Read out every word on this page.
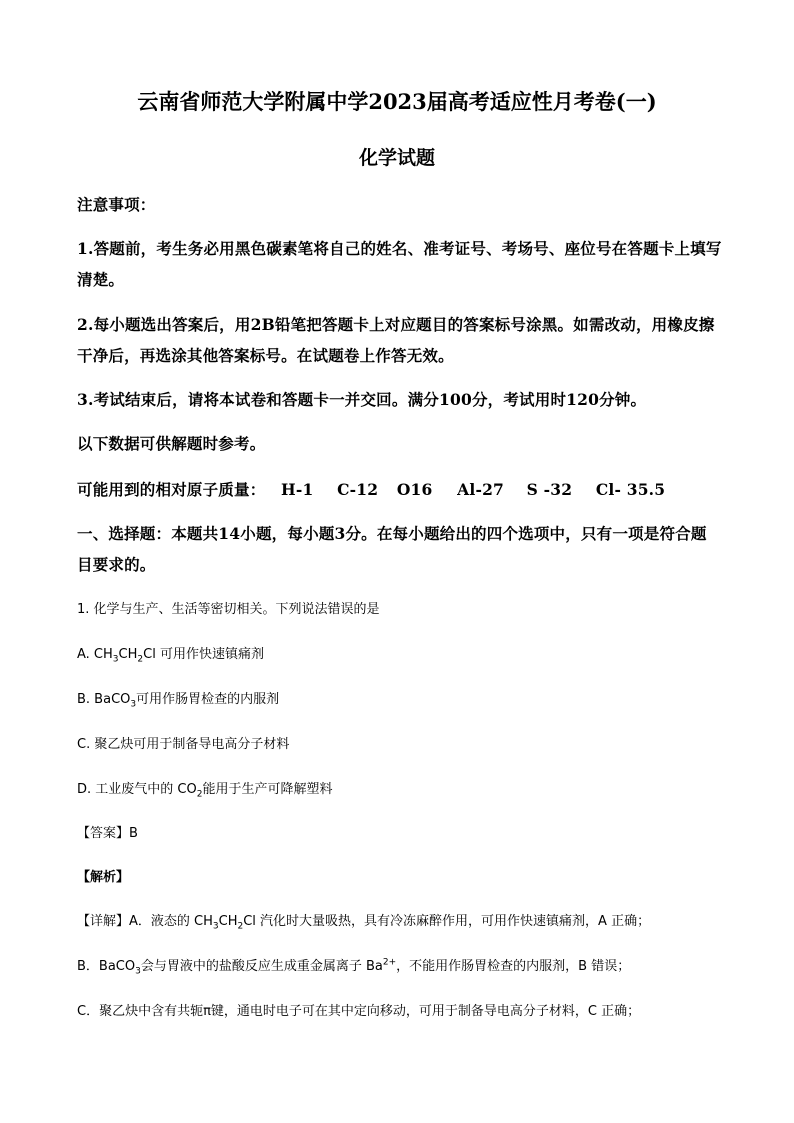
云南省师范大学附属中学2023届高考适应性月考卷(一)
化学试题
注意事项：
1.答题前，考生务必用黑色碳素笔将自己的姓名、准考证号、考场号、座位号在答题卡上填写
清楚。
2.每小题选出答案后，用2B铅笔把答题卡上对应题目的答案标号涂黑。如需改动，用橡皮擦
干净后，再选涂其他答案标号。在试题卷上作答无效。
3.考试结束后，请将本试卷和答题卡一并交回。满分100分，考试用时120分钟。
以下数据可供解题时参考。
可能用到的相对原子质量： H-1 C-12 O16 Al-27 S -32 Cl- 35.5
一、选择题：本题共14小题，每小题3分。在每小题给出的四个选项中，只有一项是符合题
目要求的。
1. 化学与生产、生活等密切相关。下列说法错误的是
A. $CH_3CH_2Cl$ 可用作快速镇痛剂
B. BaCO$_3$可用作肠胃检查的内服剂
C. 聚乙炔可用于制备导电高分子材料
D. 工业废气中的 $CO_2$能用于生产可降解塑料
【答案】B
【解析】
【详解】A．液态的 $CH_3CH_2Cl$ 汽化时大量吸热，具有冷冻麻醉作用，可用作快速镇痛剂，A 正确；
B．BaCO$_3$会与胃液中的盐酸反应生成重金属离子 $Ba^{2+}$，不能用作肠胃检查的内服剂，B 错误；
C．聚乙炔中含有共轭π键，通电时电子可在其中定向移动，可用于制备导电高分子材料，C 正确；
